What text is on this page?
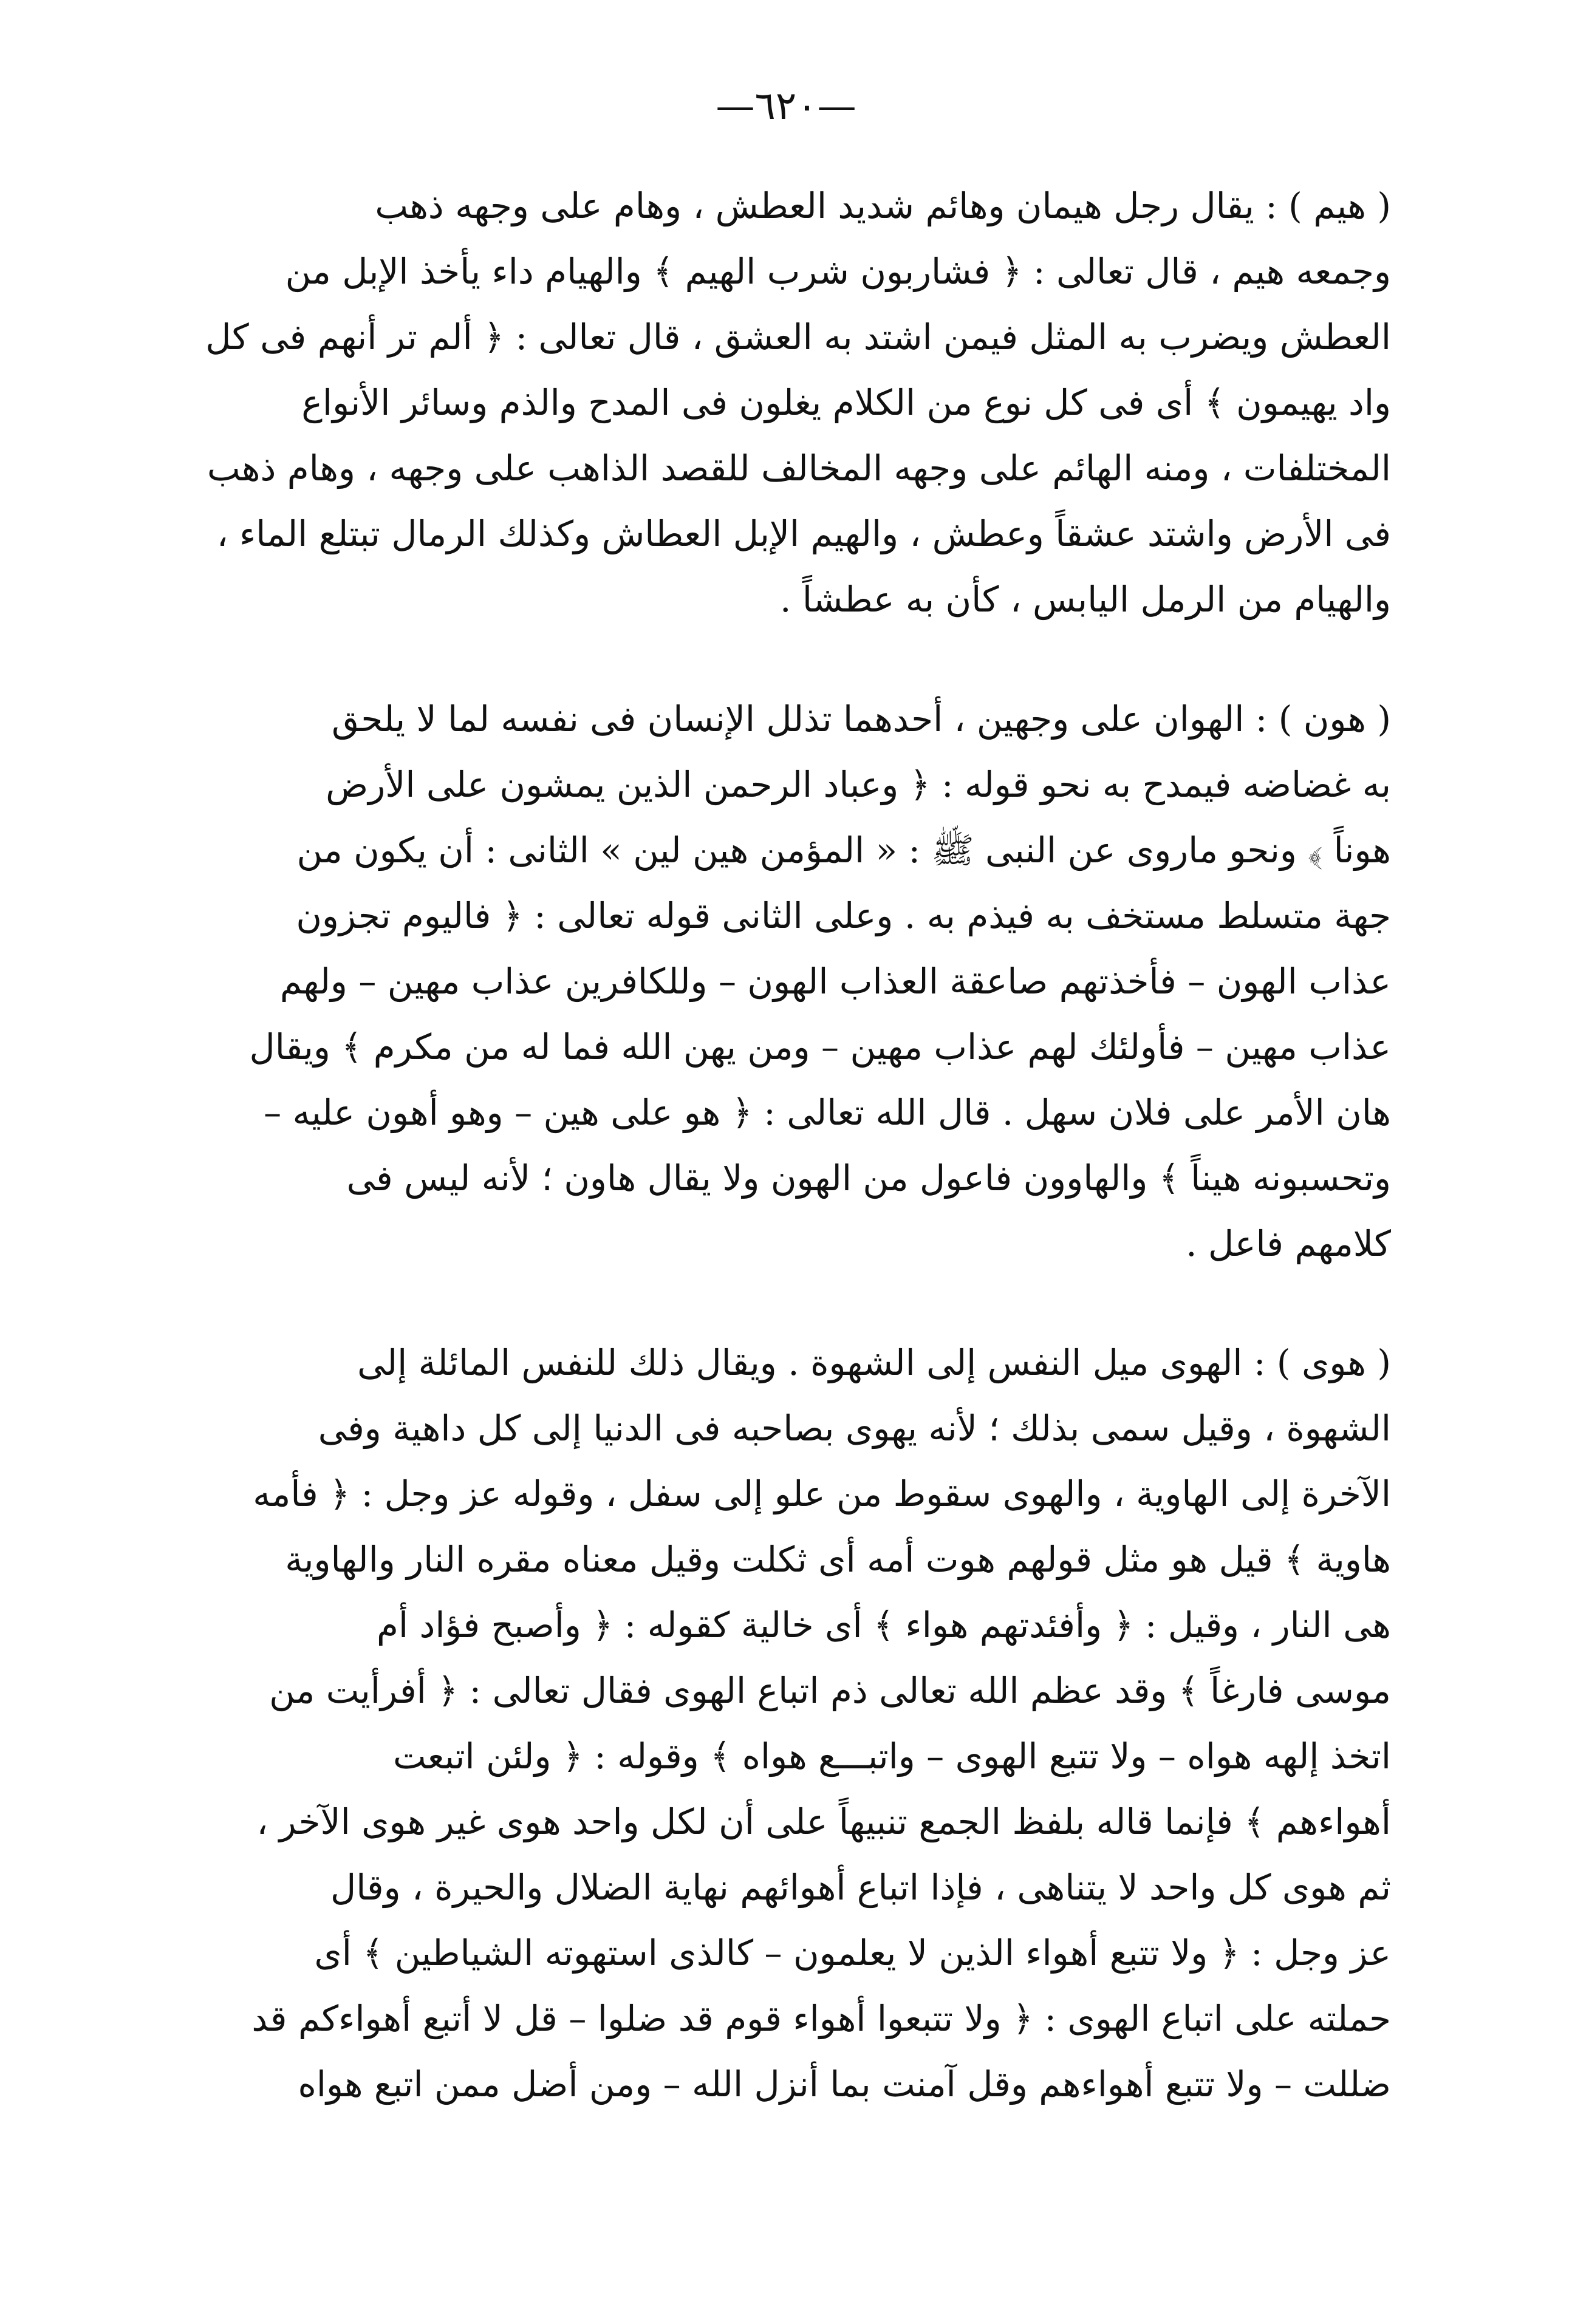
—٦٢٠—
( هيم ) : يقال رجل هيمان وهائم شديد العطش ، وهام على وجهه ذهب
وجمعه هيم ، قال تعالى : ﴿ فشاربون شرب الهيم ﴾ والهيام داء يأخذ الإبل من
العطش ويضرب به المثل فيمن اشتد به العشق ، قال تعالى : ﴿ ألم تر أنهم فى كل
واد يهيمون ﴾ أى فى كل نوع من الكلام يغلون فى المدح والذم وسائر الأنواع
المختلفات ، ومنه الهائم على وجهه المخالف للقصد الذاهب على وجهه ، وهام ذهب
فى الأرض واشتد عشقاً وعطش ، والهيم الإبل العطاش وكذلك الرمال تبتلع الماء ،
والهيام من الرمل اليابس ، كأن به عطشاً .
( هون ) : الهوان على وجهين ، أحدهما تذلل الإنسان فى نفسه لما لا يلحق
به غضاضه فيمدح به نحو قوله : ﴿ وعباد الرحمن الذين يمشون على الأرض
هوناً ﴾ ونحو ماروى عن النبى ﷺ : « المؤمن هين لين » الثانى : أن يكون من
جهة متسلط مستخف به فيذم به . وعلى الثانى قوله تعالى : ﴿ فاليوم تجزون
عذاب الهون – فأخذتهم صاعقة العذاب الهون – وللكافرين عذاب مهين – ولهم
عذاب مهين – فأولئك لهم عذاب مهين – ومن يهن الله فما له من مكرم ﴾ ويقال
هان الأمر على فلان سهل . قال الله تعالى : ﴿ هو على هين – وهو أهون عليه –
وتحسبونه هيناً ﴾ والهاوون فاعول من الهون ولا يقال هاون ؛ لأنه ليس فى
كلامهم فاعل .
( هوى ) : الهوى ميل النفس إلى الشهوة . ويقال ذلك للنفس المائلة إلى
الشهوة ، وقيل سمى بذلك ؛ لأنه يهوى بصاحبه فى الدنيا إلى كل داهية وفى
الآخرة إلى الهاوية ، والهوى سقوط من علو إلى سفل ، وقوله عز وجل : ﴿ فأمه
هاوية ﴾ قيل هو مثل قولهم هوت أمه أى ثكلت وقيل معناه مقره النار والهاوية
هى النار ، وقيل : ﴿ وأفئدتهم هواء ﴾ أى خالية كقوله : ﴿ وأصبح فؤاد أم
موسى فارغاً ﴾ وقد عظم الله تعالى ذم اتباع الهوى فقال تعالى : ﴿ أفرأيت من
اتخذ إلهه هواه – ولا تتبع الهوى – واتبـــع هواه ﴾ وقوله : ﴿ ولئن اتبعت
أهواءهم ﴾ فإنما قاله بلفظ الجمع تنبيهاً على أن لكل واحد هوى غير هوى الآخر ،
ثم هوى كل واحد لا يتناهى ، فإذا اتباع أهوائهم نهاية الضلال والحيرة ، وقال
عز وجل : ﴿ ولا تتبع أهواء الذين لا يعلمون – كالذى استهوته الشياطين ﴾ أى
حملته على اتباع الهوى : ﴿ ولا تتبعوا أهواء قوم قد ضلوا – قل لا أتبع أهواءكم قد
ضللت – ولا تتبع أهواءهم وقل آمنت بما أنزل الله – ومن أضل ممن اتبع هواه
